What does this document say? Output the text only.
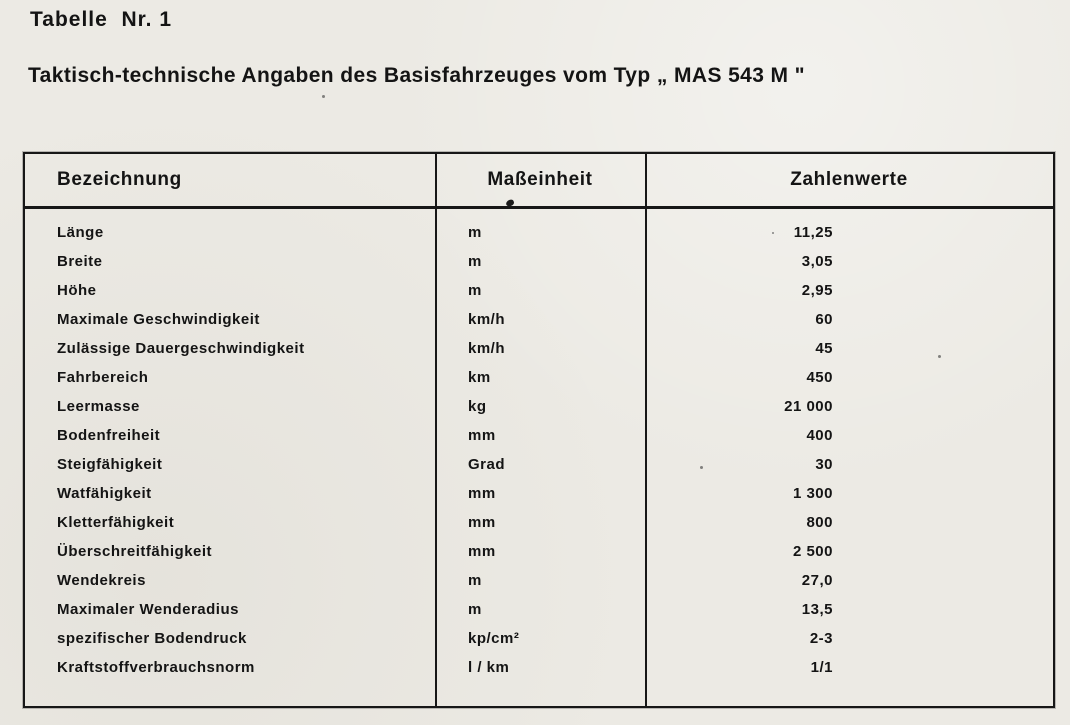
Tabelle  Nr. 1
Taktisch-technische Angaben des Basisfahrzeuges vom Typ „ MAS 543 M "
Bezeichnung	Maßeinheit	Zahlenwerte
Länge	m	11,25
Breite	m	3,05
Höhe	m	2,95
Maximale Geschwindigkeit	km/h	60
Zulässige Dauergeschwindigkeit	km/h	45
Fahrbereich	km	450
Leermasse	kg	21 000
Bodenfreiheit	mm	400
Steigfähigkeit	Grad	30
Watfähigkeit	mm	1 300
Kletterfähigkeit	mm	800
Überschreitfähigkeit	mm	2 500
Wendekreis	m	27,0
Maximaler Wenderadius	m	13,5
spezifischer Bodendruck	kp/cm²	2-3
Kraftstoffverbrauchsnorm	l / km	1/1
